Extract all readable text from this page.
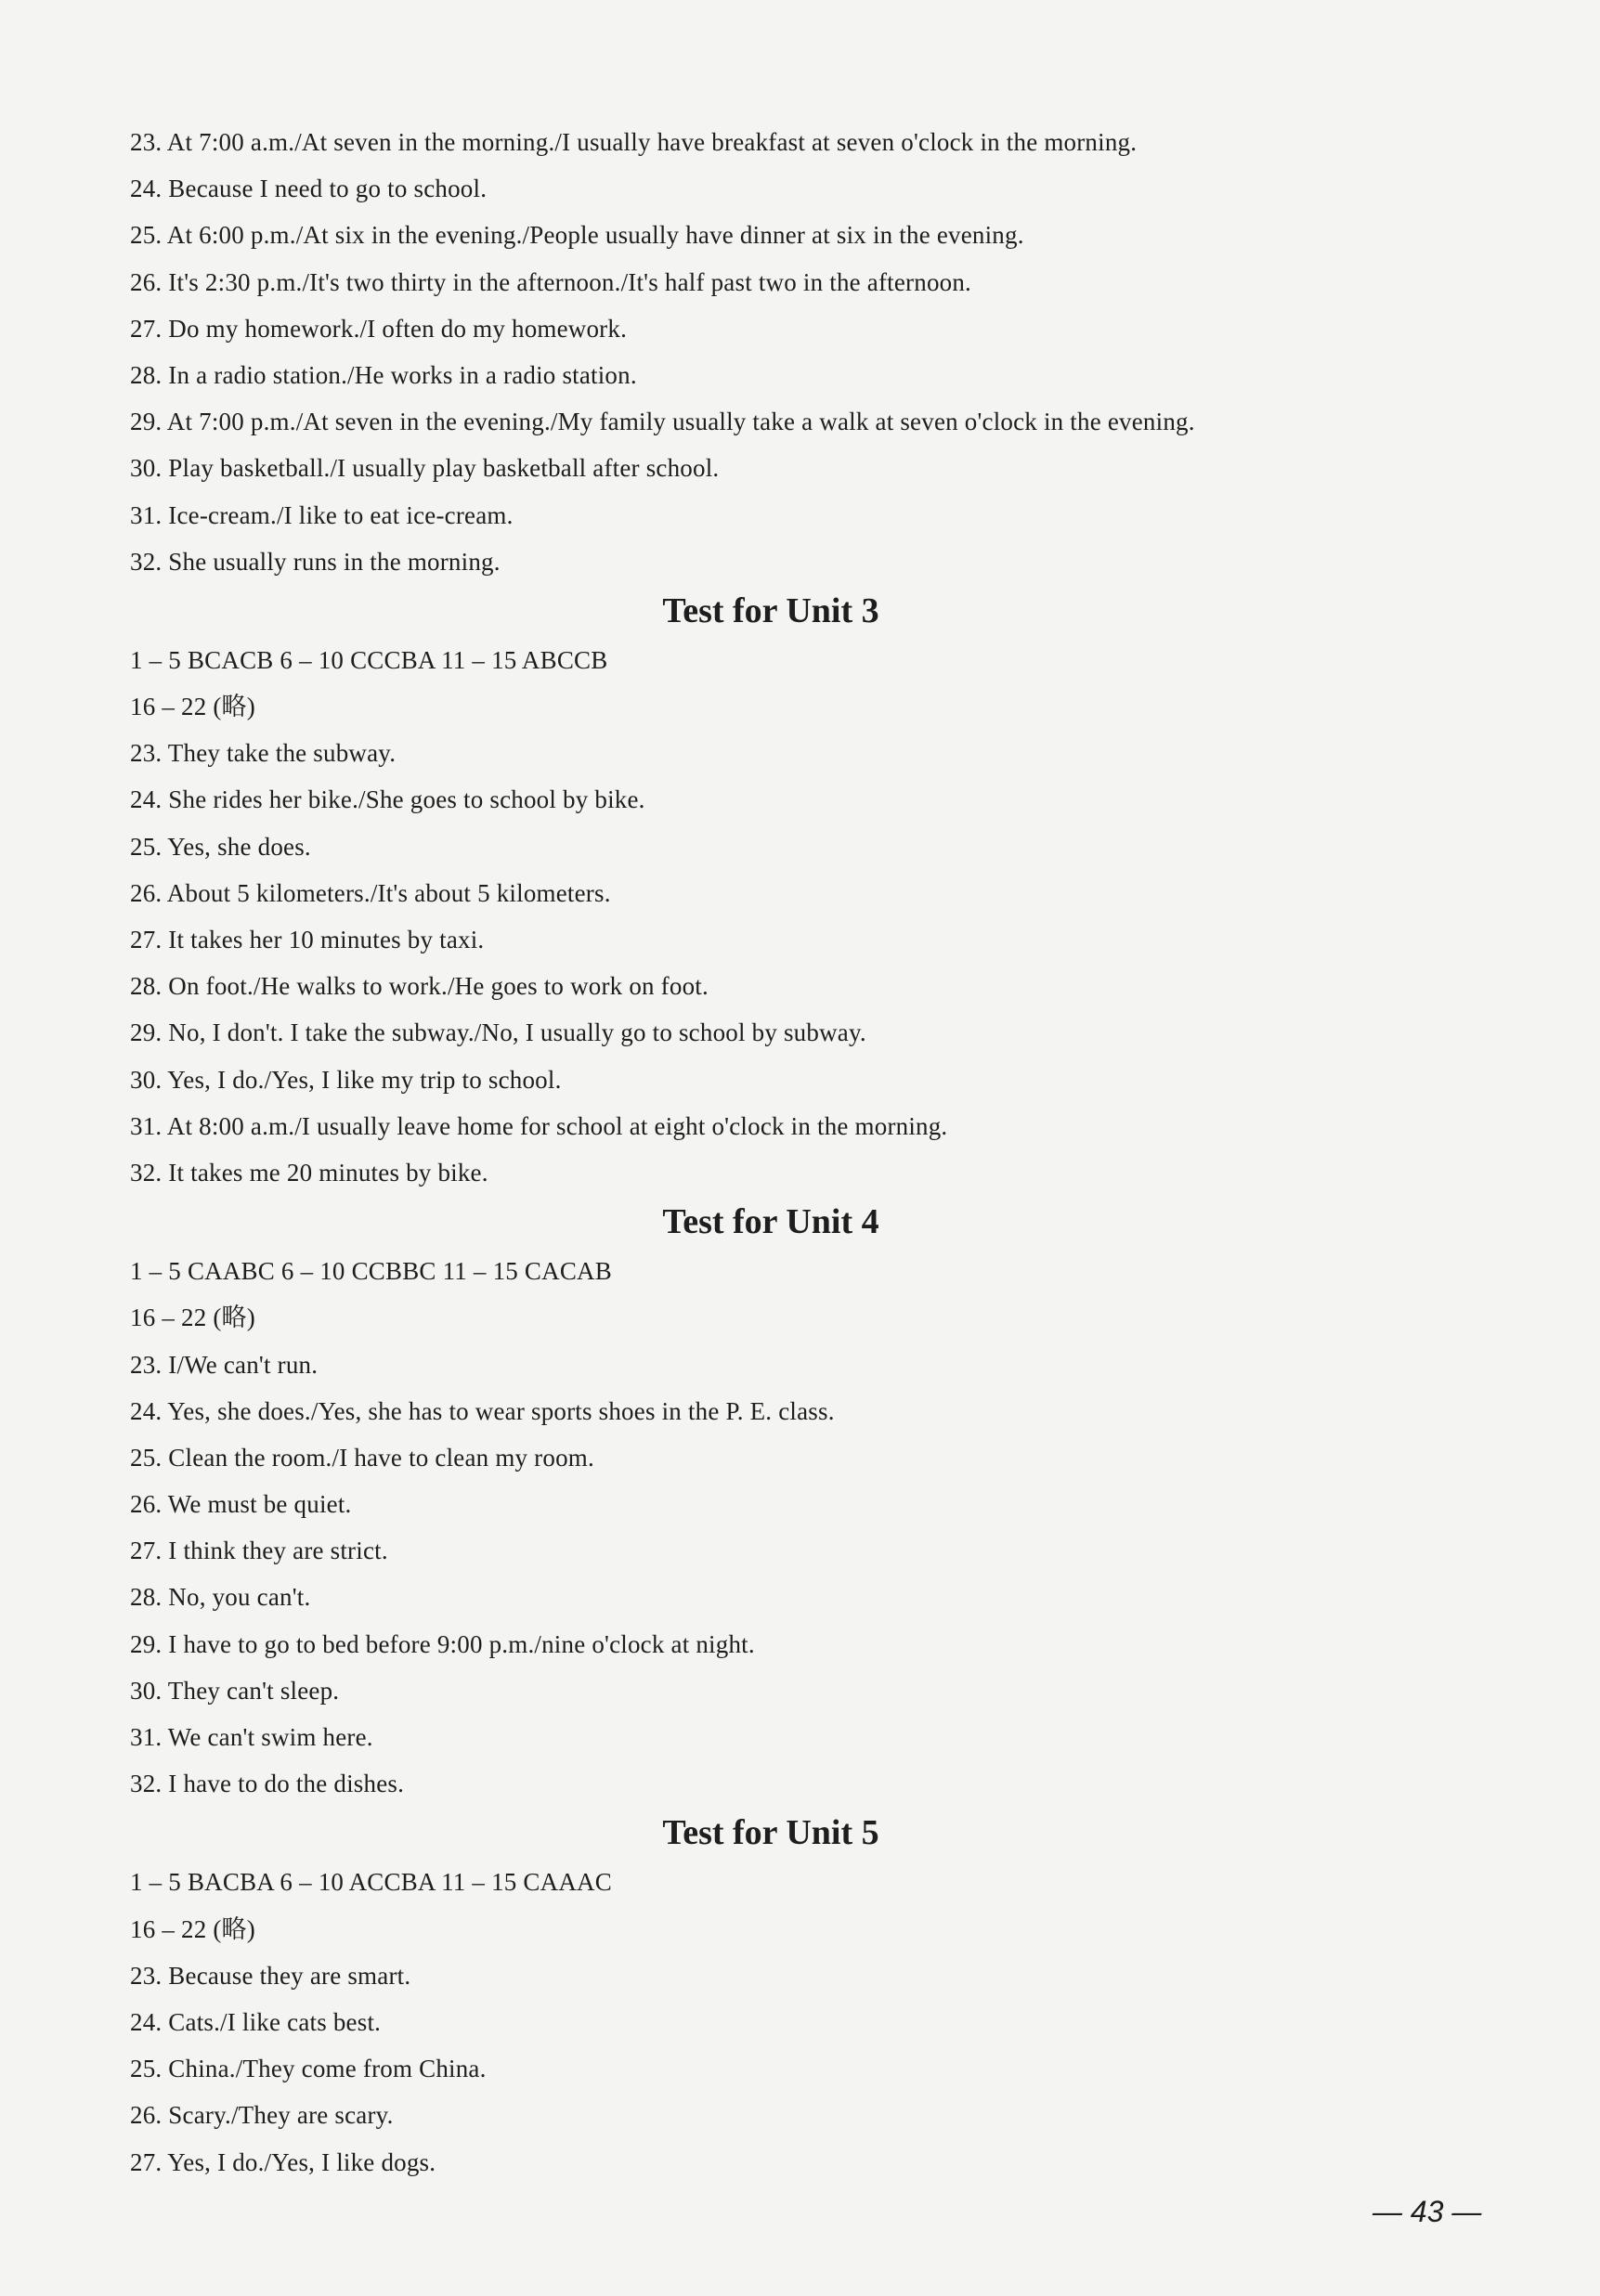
23. At 7:00 a.m./At seven in the morning./I usually have breakfast at seven o'clock in the morning.
24. Because I need to go to school.
25. At 6:00 p.m./At six in the evening./People usually have dinner at six in the evening.
26. It's 2:30 p.m./It's two thirty in the afternoon./It's half past two in the afternoon.
27. Do my homework./I often do my homework.
28. In a radio station./He works in a radio station.
29. At 7:00 p.m./At seven in the evening./My family usually take a walk at seven o'clock in the evening.
30. Play basketball./I usually play basketball after school.
31. Ice-cream./I like to eat ice-cream.
32. She usually runs in the morning.
Test for Unit 3
1 – 5 BCACB 6 – 10 CCCBA 11 – 15 ABCCB
16 – 22 (略)
23. They take the subway.
24. She rides her bike./She goes to school by bike.
25. Yes, she does.
26. About 5 kilometers./It's about 5 kilometers.
27. It takes her 10 minutes by taxi.
28. On foot./He walks to work./He goes to work on foot.
29. No, I don't. I take the subway./No, I usually go to school by subway.
30. Yes, I do./Yes, I like my trip to school.
31. At 8:00 a.m./I usually leave home for school at eight o'clock in the morning.
32. It takes me 20 minutes by bike.
Test for Unit 4
1 – 5 CAABC 6 – 10 CCBBC 11 – 15 CACAB
16 – 22 (略)
23. I/We can't run.
24. Yes, she does./Yes, she has to wear sports shoes in the P. E. class.
25. Clean the room./I have to clean my room.
26. We must be quiet.
27. I think they are strict.
28. No, you can't.
29. I have to go to bed before 9:00 p.m./nine o'clock at night.
30. They can't sleep.
31. We can't swim here.
32. I have to do the dishes.
Test for Unit 5
1 – 5 BACBA 6 – 10 ACCBA 11 – 15 CAAAC
16 – 22 (略)
23. Because they are smart.
24. Cats./I like cats best.
25. China./They come from China.
26. Scary./They are scary.
27. Yes, I do./Yes, I like dogs.
— 43 —
